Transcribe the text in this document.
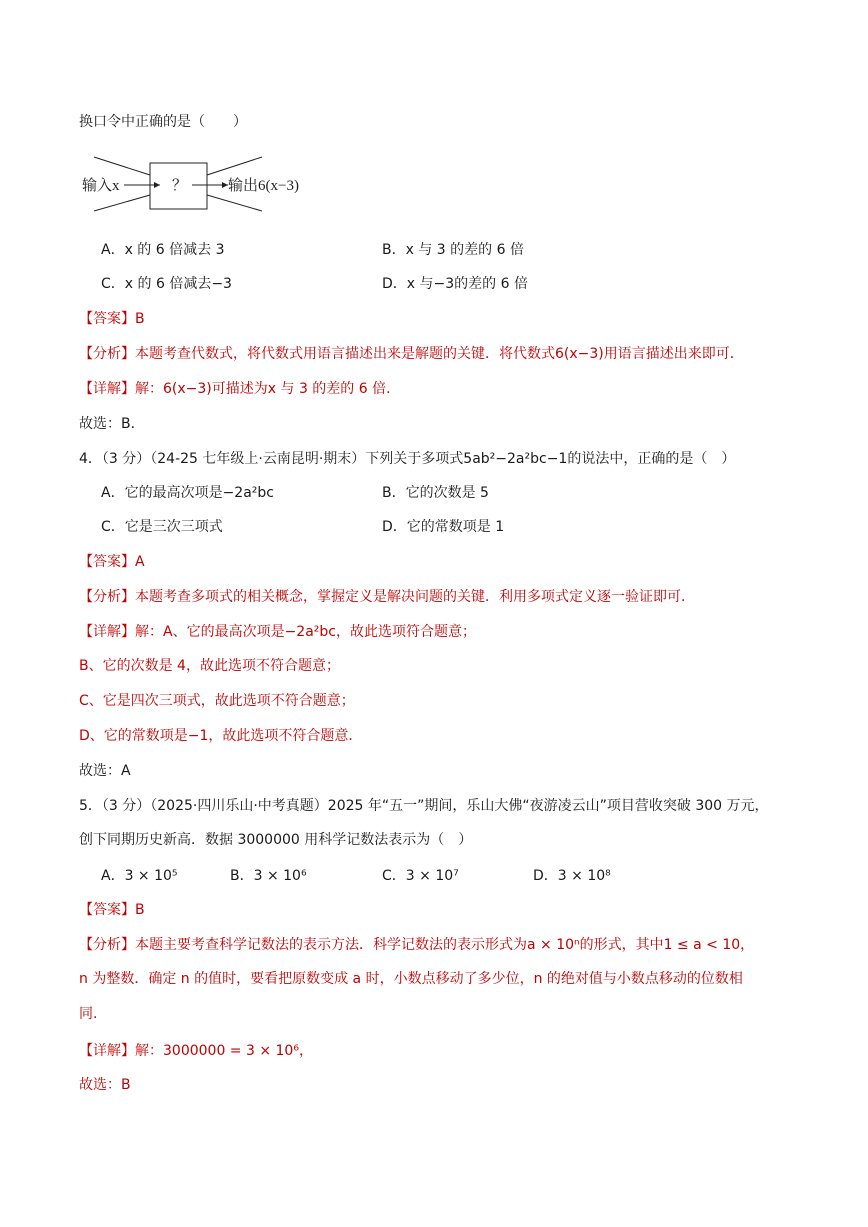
换口令中正确的是（　　）
输入x	？	输出6(x−3)
A．x 的 6 倍减去 3	B．x 与 3 的差的 6 倍
C．x 的 6 倍减去−3	D．x 与−3的差的 6 倍
【答案】B
【分析】本题考查代数式，将代数式用语言描述出来是解题的关键．将代数式6(x−3)用语言描述出来即可．
【详解】解：6(x−3)可描述为x 与 3 的差的 6 倍．
故选：B．
4．（3 分）（24-25 七年级上·云南昆明·期末）下列关于多项式5ab²−2a²bc−1的说法中，正确的是（　）
A．它的最高次项是−2a²bc	B．它的次数是 5
C．它是三次三项式	D．它的常数项是 1
【答案】A
【分析】本题考查多项式的相关概念，掌握定义是解决问题的关键．利用多项式定义逐一验证即可．
【详解】解：A、它的最高次项是−2a²bc，故此选项符合题意；
B、它的次数是 4，故此选项不符合题意；
C、它是四次三项式，故此选项不符合题意；
D、它的常数项是−1，故此选项不符合题意．
故选：A
5．（3 分）（2025·四川乐山·中考真题）2025 年“五一”期间，乐山大佛“夜游凌云山”项目营收突破 300 万元，
创下同期历史新高．数据 3000000 用科学记数法表示为（　）
A．3 × 10⁵	B．3 × 10⁶	C．3 × 10⁷	D．3 × 10⁸
【答案】B
【分析】本题主要考查科学记数法的表示方法．科学记数法的表示形式为a × 10ⁿ的形式，其中1 ≤ a < 10，
n 为整数．确定 n 的值时，要看把原数变成 a 时，小数点移动了多少位，n 的绝对值与小数点移动的位数相
同.
【详解】解：3000000 = 3 × 10⁶，
故选：B
